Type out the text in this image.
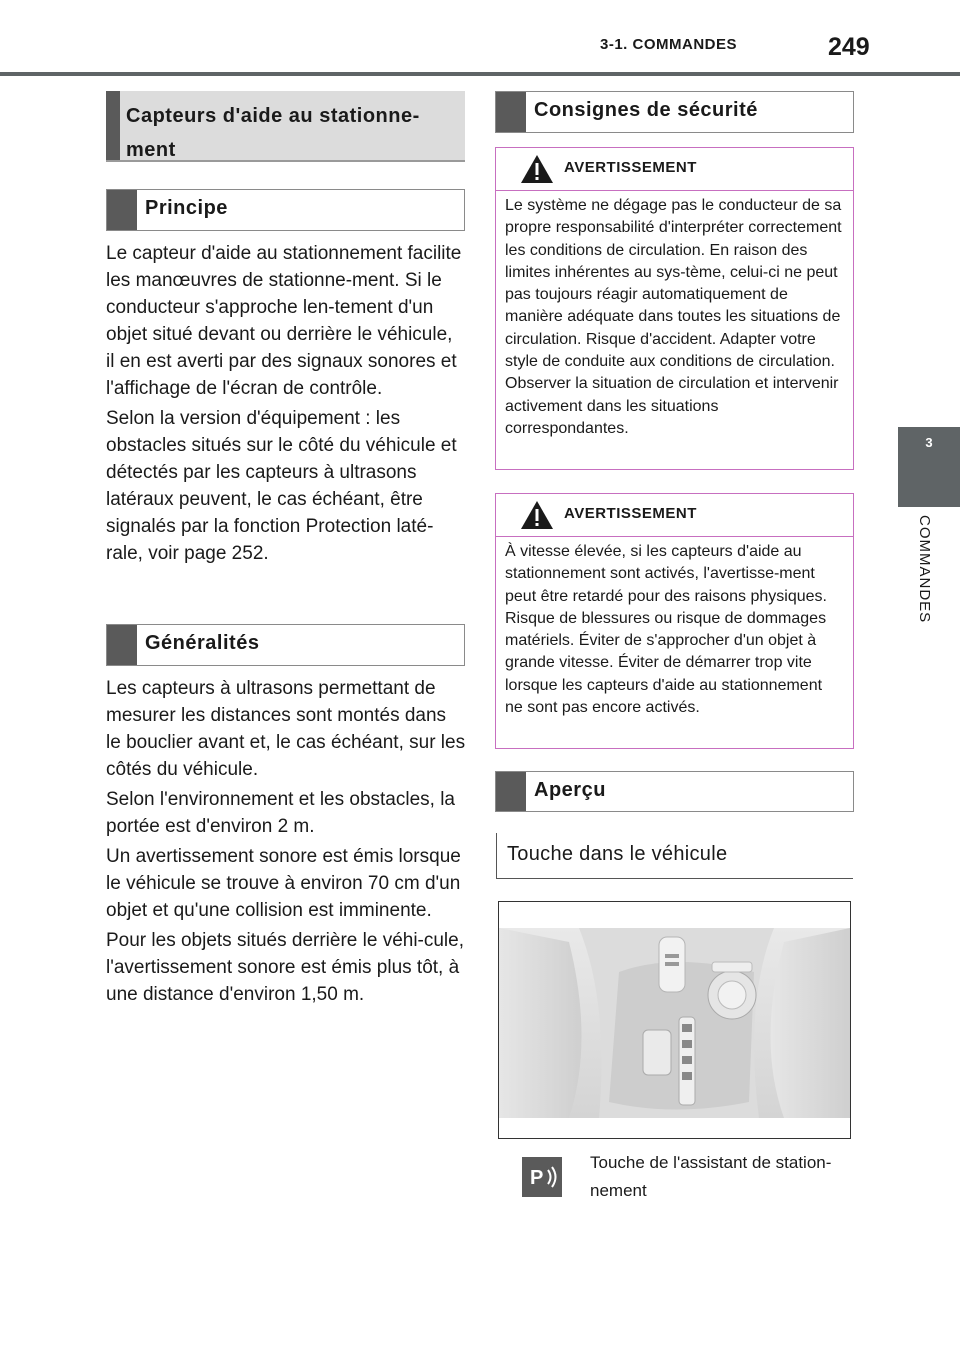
3-1. COMMANDES	249
3
COMMANDES
Capteurs d'aide au stationne-ment
Principe

Le capteur d'aide au stationnement facilite les manœuvres de stationne-ment. Si le conducteur s'approche len-tement d'un objet situé devant ou derrière le véhicule, il en est averti par des signaux sonores et l'affichage de l'écran de contrôle.

Selon la version d'équipement : les obstacles situés sur le côté du véhicule et détectés par les capteurs à ultrasons latéraux peuvent, le cas échéant, être signalés par la fonction Protection laté-rale, voir page 252.

Généralités

Les capteurs à ultrasons permettant de mesurer les distances sont montés dans le bouclier avant et, le cas échéant, sur les côtés du véhicule.

Selon l'environnement et les obstacles, la portée est d'environ 2 m.

Un avertissement sonore est émis lorsque le véhicule se trouve à environ 70 cm d'un objet et qu'une collision est imminente.

Pour les objets situés derrière le véhi-cule, l'avertissement sonore est émis plus tôt, à une distance d'environ 1,50 m.

Consignes de sécurité
AVERTISSEMENT
Le système ne dégage pas le conducteur de sa propre responsabilité d'interpréter correctement les conditions de circulation. En raison des limites inhérentes au sys-tème, celui-ci ne peut pas toujours réagir automatiquement de manière adéquate dans toutes les situations de circulation. Risque d'accident. Adapter votre style de conduite aux conditions de circulation. Observer la situation de circulation et intervenir activement dans les situations correspondantes.
AVERTISSEMENT
À vitesse élevée, si les capteurs d'aide au stationnement sont activés, l'avertisse-ment peut être retardé pour des raisons physiques. Risque de blessures ou risque de dommages matériels. Éviter de s'approcher d'un objet à grande vitesse. Éviter de démarrer trop vite lorsque les capteurs d'aide au stationnement ne sont pas encore activés.
Aperçu
Touche dans le véhicule
P
Touche de l'assistant de station-nement
